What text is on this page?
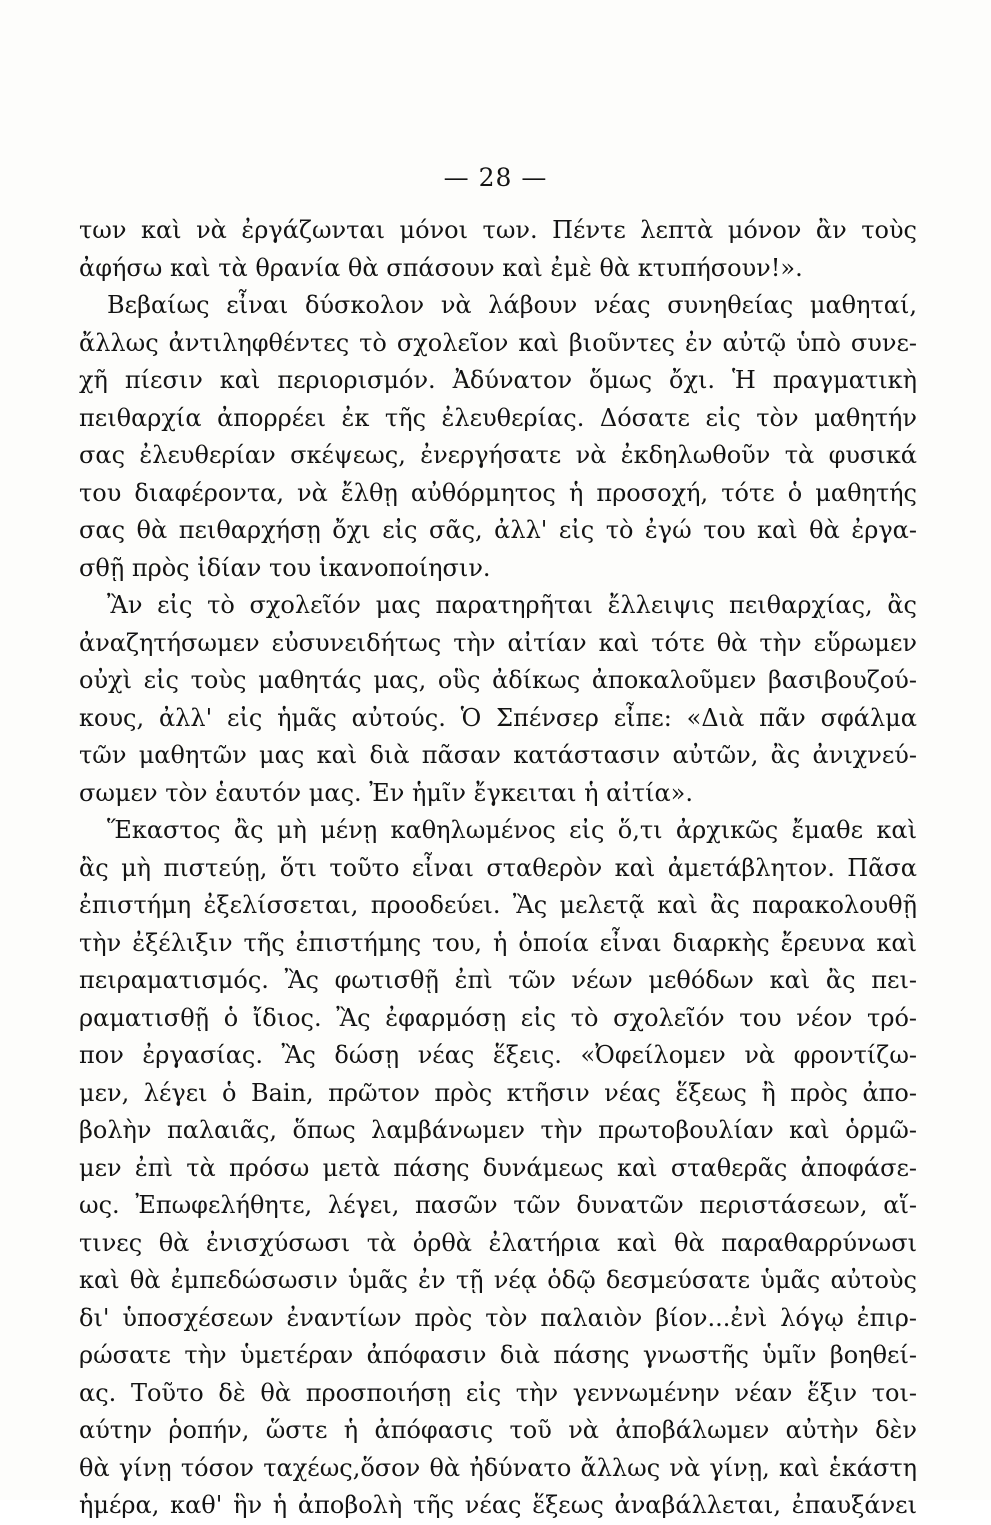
— 28 —
των καὶ νὰ ἐργάζωνται μόνοι των. Πέντε λεπτὰ μόνον ἂν τοὺς
ἀφήσω καὶ τὰ θρανία θὰ σπάσουν καὶ ἐμὲ θὰ κτυπήσουν!».
Βεβαίως εἶναι δύσκολον νὰ λάβουν νέας συνηθείας μαθηταί,
ἄλλως ἀντιληφθέντες τὸ σχολεῖον καὶ βιοῦντες ἐν αὐτῷ ὑπὸ συνε-
χῆ πίεσιν καὶ περιορισμόν. Ἀδύνατον ὅμως ὄχι. Ἡ πραγματικὴ
πειθαρχία ἀπορρέει ἐκ τῆς ἐλευθερίας. Δόσατε εἰς τὸν μαθητήν
σας ἐλευθερίαν σκέψεως, ἐνεργήσατε νὰ ἐκδηλωθοῦν τὰ φυσικά
του διαφέροντα, νὰ ἔλθῃ αὐθόρμητος ἡ προσοχή, τότε ὁ μαθητής
σας θὰ πειθαρχήσῃ ὄχι εἰς σᾶς, ἀλλ' εἰς τὸ ἐγώ του καὶ θὰ ἐργα-
σθῇ πρὸς ἰδίαν του ἱκανοποίησιν.
Ἂν εἰς τὸ σχολεῖόν μας παρατηρῆται ἔλλειψις πειθαρχίας, ἂς
ἀναζητήσωμεν εὐσυνειδήτως τὴν αἰτίαν καὶ τότε θὰ τὴν εὕρωμεν
οὐχὶ εἰς τοὺς μαθητάς μας, οὓς ἀδίκως ἀποκαλοῦμεν βασιβουζού-
κους, ἀλλ' εἰς ἡμᾶς αὐτούς. Ὁ Σπένσερ εἶπε: «Διὰ πᾶν σφάλμα
τῶν μαθητῶν μας καὶ διὰ πᾶσαν κατάστασιν αὐτῶν, ἂς ἀνιχνεύ-
σωμεν τὸν ἑαυτόν μας. Ἐν ἡμῖν ἔγκειται ἡ αἰτία».
Ἕκαστος ἂς μὴ μένῃ καθηλωμένος εἰς ὅ,τι ἀρχικῶς ἔμαθε καὶ
ἂς μὴ πιστεύῃ, ὅτι τοῦτο εἶναι σταθερὸν καὶ ἀμετάβλητον. Πᾶσα
ἐπιστήμη ἐξελίσσεται, προοδεύει. Ἂς μελετᾷ καὶ ἂς παρακολουθῇ
τὴν ἐξέλιξιν τῆς ἐπιστήμης του, ἡ ὁποία εἶναι διαρκὴς ἔρευνα καὶ
πειραματισμός. Ἂς φωτισθῇ ἐπὶ τῶν νέων μεθόδων καὶ ἂς πει-
ραματισθῇ ὁ ἴδιος. Ἂς ἐφαρμόσῃ εἰς τὸ σχολεῖόν του νέον τρό-
πον ἐργασίας. Ἂς δώσῃ νέας ἕξεις. «Ὀφείλομεν νὰ φροντίζω-
μεν, λέγει ὁ Bain, πρῶτον πρὸς κτῆσιν νέας ἕξεως ἢ πρὸς ἀπο-
βολὴν παλαιᾶς, ὅπως λαμβάνωμεν τὴν πρωτοβουλίαν καὶ ὁρμῶ-
μεν ἐπὶ τὰ πρόσω μετὰ πάσης δυνάμεως καὶ σταθερᾶς ἀποφάσε-
ως. Ἐπωφελήθητε, λέγει, πασῶν τῶν δυνατῶν περιστάσεων, αἵ-
τινες θὰ ἐνισχύσωσι τὰ ὀρθὰ ἐλατήρια καὶ θὰ παραθαρρύνωσι
καὶ θὰ ἐμπεδώσωσιν ὑμᾶς ἐν τῇ νέᾳ ὁδῷ δεσμεύσατε ὑμᾶς αὐτοὺς
δι' ὑποσχέσεων ἐναντίων πρὸς τὸν παλαιὸν βίον...ἐνὶ λόγῳ ἐπιρ-
ρώσατε τὴν ὑμετέραν ἀπόφασιν διὰ πάσης γνωστῆς ὑμῖν βοηθεί-
ας. Τοῦτο δὲ θὰ προσποιήσῃ εἰς τὴν γεννωμένην νέαν ἕξιν τοι-
αύτην ῥοπήν, ὥστε ἡ ἀπόφασις τοῦ νὰ ἀποβάλωμεν αὐτὴν δὲν
θὰ γίνῃ τόσον ταχέως,ὅσον θὰ ἠδύνατο ἄλλως νὰ γίνῃ, καὶ ἑκάστη
ἡμέρα, καθ' ἣν ἡ ἀποβολὴ τῆς νέας ἕξεως ἀναβάλλεται, ἐπαυξάνει
